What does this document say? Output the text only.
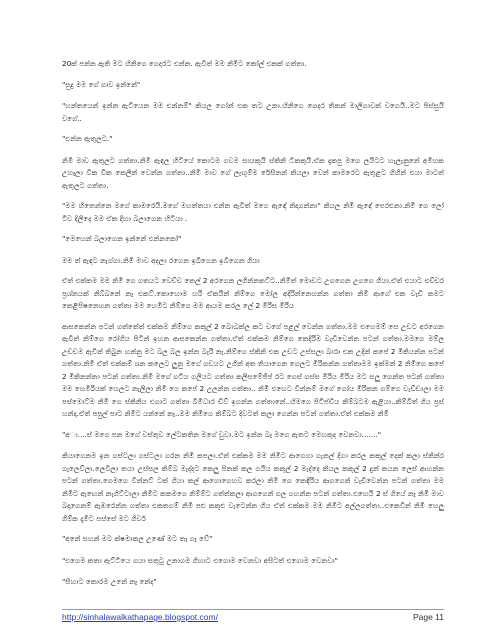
20ක් පන්න ඇති මට හිනිගෙ ගෙදරට එන්න. ඇවිත් මම නිමිට කෝල් එකක් ගත්තා.

"සුදු මම ගේ ගාව ඉන්නේ"

"හන්තයෙන් ඉන්න ඇටියෙන මම එන්නම්" කියල ගෝන් එක තට උනා.හිනිගෙ ගෙදර තිකන් මාලිගාවක් වගෙයි..මට පිස්සුයි වගේ..

"එන්න ඇතුලට."

නිමි මාව ඇතුලට ගත්තා.නිමි ඇඳල හිටියේ කොටම ගවම සායකුයි ස්කිනි ටීකකුයි.ඒක දැකපු මගෙ ලයිටට හැලැනුනේ අමිහක උහෑලා වික වික කෙලින් වෙන්න ගත්තා..නිමි මාව ගේ ලැඟුම්ම රේසිනන් කියලා වෙන් කාමරෙට ඇතුළට ගිහින් එයා මාටත් ඇතුලට ගත්තා.

"මම හිතෙන්නෙ මගේ කාමරෙයි.මගේ මහත්තයා එන්න ඇවිත් මගෙ ඇඳේ නිදාගන්නා" කියල නිමි ඇඳේ පෙරළුනා.නිමි ගෙ ලෝ ටිව දිලිදෙ මම ඒක දිහා බලාගෙන හිටියා .

"මෙහෙන් බලාගෙන ඉන්නේ එන්නකෝ"

මම ත් ඇඳට නැග්ගා.නිමි මාව අදලා රගෙන ඉබිගෙන ඉබිගෙන ගියා

ඒත් එක්කම මම නිමි ගෙ ගතයට වෙච්ච තෙල් 2 අරගෙන ලගින්නකට්ට..නිමිත් මොඩට උගගෙන උගගෙ ගියා.ඒත් එයාට එච්චර ප්‍රශ්නයක් නිබ්බනේ නෑ එකට්.කොහොම හරි ඒකයින් නිම්ගෙ මෝල අදිරින්නෙහන්න ගත්තා නිමි ආගේ එක වැඩි කමට කෙළිපිෂනෙහන ගත්තා මම හෙමිට නිම්ගෙ මම ආයම කරල ලේ 2 මිරිස මිරිය

ආසකෙන්න පටන් ගත්තේත් එක්කම නිම්ගෙ කකුල් 2 බොබක්ල කට වගේ පළල් වෙන්න ගත්තා.මම එහෙමම් සෙ උඩට අරගෙන ඇවිත් නිම්ගෙ රෝගිය පිටින් ඉහන ආසකෙන්න ගත්තා.ඒත් එක්කම නිම්ගෙ කෙදිරිම වැඩිවෙන්න පටන් ගත්තා.මමගෙ මම්ල උඩඩම ඇවින් තිබුන හන්නු මට බල බල ඉන්න බැරි නැ.නිම්ගෙ ස්කිනි එක උඩට උස්සලා බාරා එක උදින් කපේ 2 මිකියන්න පටන් ගත්තා.නිමි ඒත් එක්කම් ශන කලෙට ලුනු මගේ ගඩයට උගින් අත තියාගෙන ගෙලට මිරිකන්න ගත්තාමම ඉක්මන් 2 නිමිගෙ කපේ 2 මිකිනන්නා පටන් ගත්තා.නිමි මගේ ගටිය ගලියට ගත්තා කලිසමේජිප් රට ගෙස් ගස්ස මිරිය මිරිය මට සලු ගෙන්ත පටන් ගත්තා මම හෙමිරියක් හෙලට නැලිලා නිමි ගෙ කපේ 2 උලන්න ගත්තා.. නිමි එහෙට වින්නම් මගේ ගෝය මිරිකන ගම්ගෙ වැඩ්ඩාලා මම පස්මොට්ම නිමි ගෙ ස්කිනිය එගාට ගත්තා බිමිධාර ඩිව් ඉගන්න ගත්තානේ..හිමගෙ පිටිප්ඩිය කිම්බටම ඇළියා..කිම්බිත් ගිය ප්‍රස් හන්දා.ඒත් පපුල් පාට නිමිට යන්නේ නෑ..මම නිමිගෙ කිම්බට දිවටත් කලා ගෙන්න පටන් ගත්තා.ඒත් එක්කම නිමි

"අා....ස් මගෙ පන මගේ වස්තුව ලේටකතින මගේ වුවා.මට ඉන්න බෑ මගෙ ඇතට මෙහකුද වෙනවා......."

කියාගෙනම ඉන ගස්ටලා ගස්ටලා ගරන නිමි කපලා.ඒත් එක්කම මම නිමිට ආගෙගා ගැනල් දිගා කරල කකුල් දෙක් කලා ස්නින්ර ගැලෙව්ලා.ලෙවිලා තයා උස්සල කිම්බ මැද්දට කෙලු පිනක් කල ගයිය කකුල් 2 මැද්දෙ කියල කකුල් 2 දුන් කයන ලෙස් ආහන්න පටන් ගත්තා.ගෙමගෙ වින්නට් ටක් ගියා කල් ආගොගෙහව කරලා නිමි ගෙ කෙඳිරිය ආගගෙන් වැඩිවෙන්න පටන් ගත්තා මම නිමිට ඇඟෙන් නැගිට්ටාලා නිමිට කකමගෙ නිම්ම්ට ගත්ත්කලා ආගගෙන් ගල ගහන්න පටන් ගත්තා.එහෙයි 2 ස් ගියේ නෑ නිමි මාව බදාගෙනම් ඇඹරෙන්න ගත්තා එකතගම් නිමි පළු කකුළු වැටෙන්න ගිය ඒත් එක්කම මම නිමිට අල්ලගත්තා..එකෙවින් නිමි හෙලු ගිම්ක දැමිට පස්සේ මට ගිර්ව

"අනේ සහන් මට ක්ෂමාකල උණේ මට තෑ ගෑ වේ"

"එගෙම කතා ඇට්ටියෙ ගයා සතුටු උනාගම ගිහාට එගොම වෙනවා අසිටත් එගොම වෙනවා"

"සිහාට කොරම උනේ නෑ නේද"

http://sinhalawalkathapage.blogspot.com/	Page 11
